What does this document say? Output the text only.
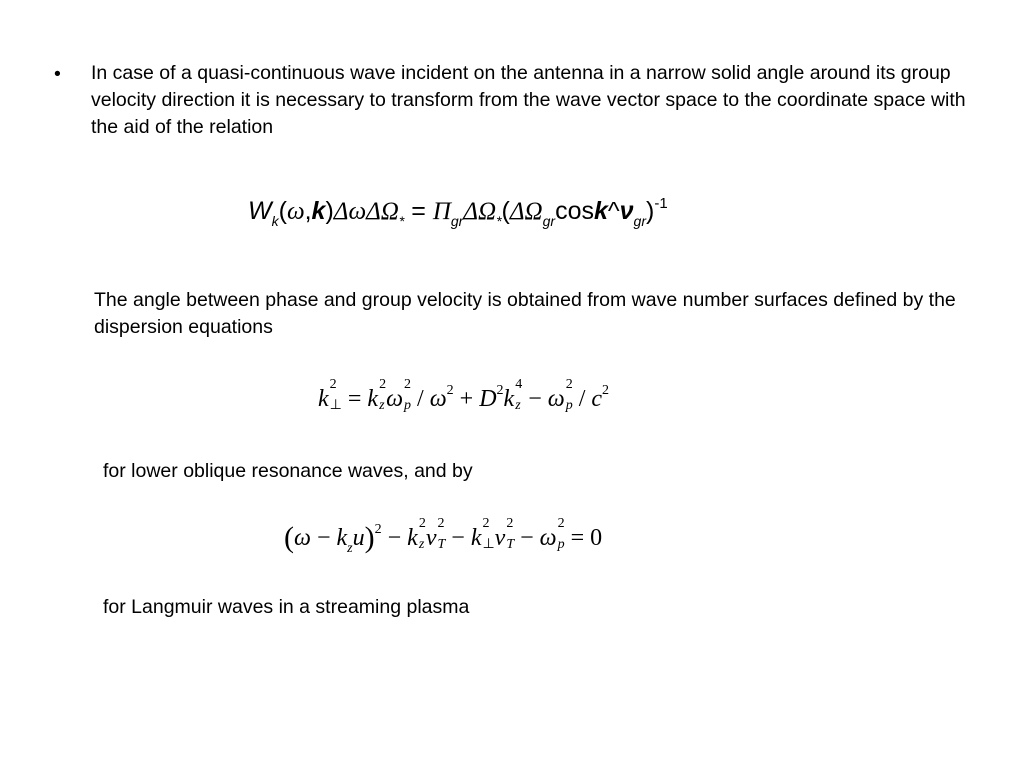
• In case of a quasi-continuous wave incident on the antenna in a narrow solid angle around its group velocity direction it is necessary to transform from the wave vector space to the coordinate space with the aid of the relation

$W_k(\omega,k)\Delta\omega\Delta\Omega_*$ = $\Pi_{gr}\Delta\Omega_*(\Delta\Omega_{gr}\cos k\^{}\nu_{gr})^{-1}$

The angle between phase and group velocity is obtained from wave number surfaces defined by the dispersion equations

k
2
⊥ = k
2
z ω
2
$p / \omega^2 + D^2k$
4
z − ω
2
p / $c^2$

for lower oblique resonance waves, and by

$(\omega - k_zu)^2 - k$
2
z v
2
T − k
2
⊥ v
2
T − ω
2
p = 0

for Langmuir waves in a streaming plasma
